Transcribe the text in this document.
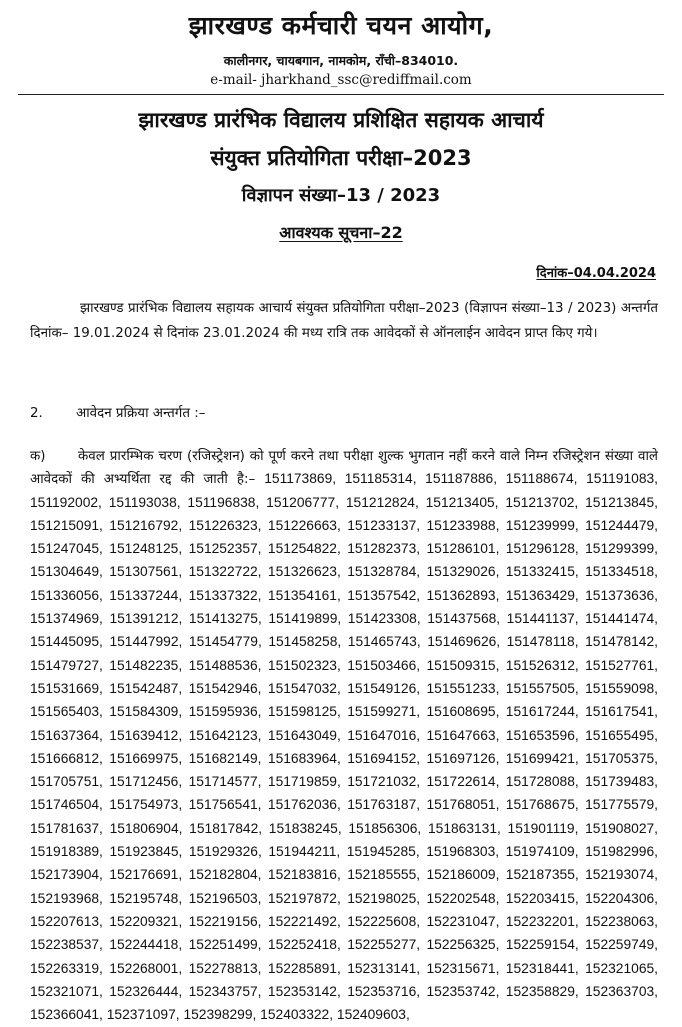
झारखण्ड कर्मचारी चयन आयोग,
कालीनगर, चायबगान, नामकोम, राँची–834010.
e-mail- jharkhand_ssc@rediffmail.com
झारखण्ड प्रारंभिक विद्यालय प्रशिक्षित सहायक आचार्य
संयुक्त प्रतियोगिता परीक्षा–2023
विज्ञापन संख्या–13 / 2023
आवश्यक सूचना–22
दिनांक–04.04.2024
झारखण्ड प्रारंभिक विद्यालय सहायक आचार्य संयुक्त प्रतियोगिता परीक्षा–2023 (विज्ञापन संख्या–13 / 2023) अन्तर्गत दिनांक– 19.01.2024 से दिनांक 23.01.2024 की मध्य रात्रि तक आवेदकों से ऑनलाईन आवेदन प्राप्त किए गये।
2. आवेदन प्रक्रिया अन्तर्गत :–
क) केवल प्रारम्भिक चरण (रजिस्ट्रेशन) को पूर्ण करने तथा परीक्षा शुल्क भुगतान नहीं करने वाले निम्न रजिस्ट्रेशन संख्या वाले आवेदकों की अभ्यर्थिता रद्द की जाती है:– 151173869, 151185314, 151187886, 151188674, 151191083, 151192002, 151193038, 151196838, 151206777, 151212824, 151213405, 151213702, 151213845, 151215091, 151216792, 151226323, 151226663, 151233137, 151233988, 151239999, 151244479, 151247045, 151248125, 151252357, 151254822, 151282373, 151286101, 151296128, 151299399, 151304649, 151307561, 151322722, 151326623, 151328784, 151329026, 151332415, 151334518, 151336056, 151337244, 151337322, 151354161, 151357542, 151362893, 151363429, 151373636, 151374969, 151391212, 151413275, 151419899, 151423308, 151437568, 151441137, 151441474, 151445095, 151447992, 151454779, 151458258, 151465743, 151469626, 151478118, 151478142, 151479727, 151482235, 151488536, 151502323, 151503466, 151509315, 151526312, 151527761, 151531669, 151542487, 151542946, 151547032, 151549126, 151551233, 151557505, 151559098, 151565403, 151584309, 151595936, 151598125, 151599271, 151608695, 151617244, 151617541, 151637364, 151639412, 151642123, 151643049, 151647016, 151647663, 151653596, 151655495, 151666812, 151669975, 151682149, 151683964, 151694152, 151697126, 151699421, 151705375, 151705751, 151712456, 151714577, 151719859, 151721032, 151722614, 151728088, 151739483, 151746504, 151754973, 151756541, 151762036, 151763187, 151768051, 151768675, 151775579, 151781637, 151806904, 151817842, 151838245, 151856306, 151863131, 151901119, 151908027, 151918389, 151923845, 151929326, 151944211, 151945285, 151968303, 151974109, 151982996, 152173904, 152176691, 152182804, 152183816, 152185555, 152186009, 152187355, 152193074, 152193968, 152195748, 152196503, 152197872, 152198025, 152202548, 152203415, 152204306, 152207613, 152209321, 152219156, 152221492, 152225608, 152231047, 152232201, 152238063, 152238537, 152244418, 152251499, 152252418, 152255277, 152256325, 152259154, 152259749, 152263319, 152268001, 152278813, 152285891, 152313141, 152315671, 152318441, 152321065, 152321071, 152326444, 152343757, 152353142, 152353716, 152353742, 152358829, 152363703, 152366041, 152371097, 152398299, 152403322, 152409603,
